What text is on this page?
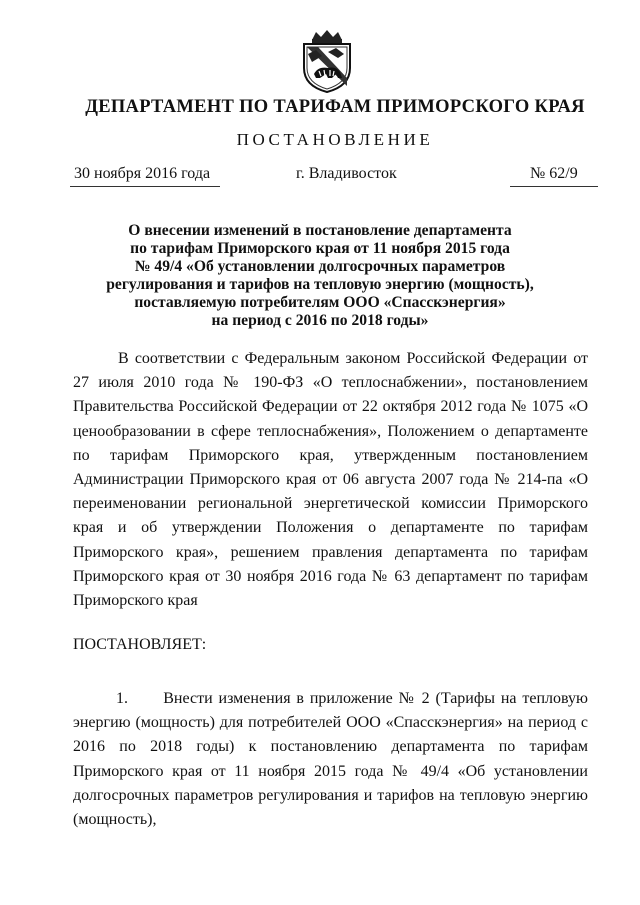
ДЕПАРТАМЕНТ ПО ТАРИФАМ ПРИМОРСКОГО КРАЯ
ПОСТАНОВЛЕНИЕ
30 ноября 2016 года	г. Владивосток	№ 62/9
О внесении изменений в постановление департамента
по тарифам Приморского края от 11 ноября 2015 года
№ 49/4 «Об установлении долгосрочных параметров
регулирования и тарифов на тепловую энергию (мощность),
поставляемую потребителям ООО «Спасскэнергия»
на период с 2016 по 2018 годы»
В соответствии с Федеральным законом Российской Федерации от 27 июля 2010 года № 190-ФЗ «О теплоснабжении», постановлением Правительства Российской Федерации от 22 октября 2012 года № 1075 «О ценообразовании в сфере теплоснабжения», Положением о департаменте по тарифам Приморского края, утвержденным постановлением Администрации Приморского края от 06 августа 2007 года № 214-па «О переименовании региональной энергетической комиссии Приморского края и об утверждении Положения о департаменте по тарифам Приморского края», решением правления департамента по тарифам Приморского края от 30 ноября 2016 года № 63 департамент по тарифам Приморского края
ПОСТАНОВЛЯЕТ:
1.      Внести изменения в приложение № 2 (Тарифы на тепловую энергию (мощность) для потребителей ООО «Спасскэнергия» на период с 2016 по 2018 годы) к постановлению департамента по тарифам Приморского края от 11 ноября 2015 года № 49/4 «Об установлении долгосрочных параметров регулирования и тарифов на тепловую энергию (мощность),
